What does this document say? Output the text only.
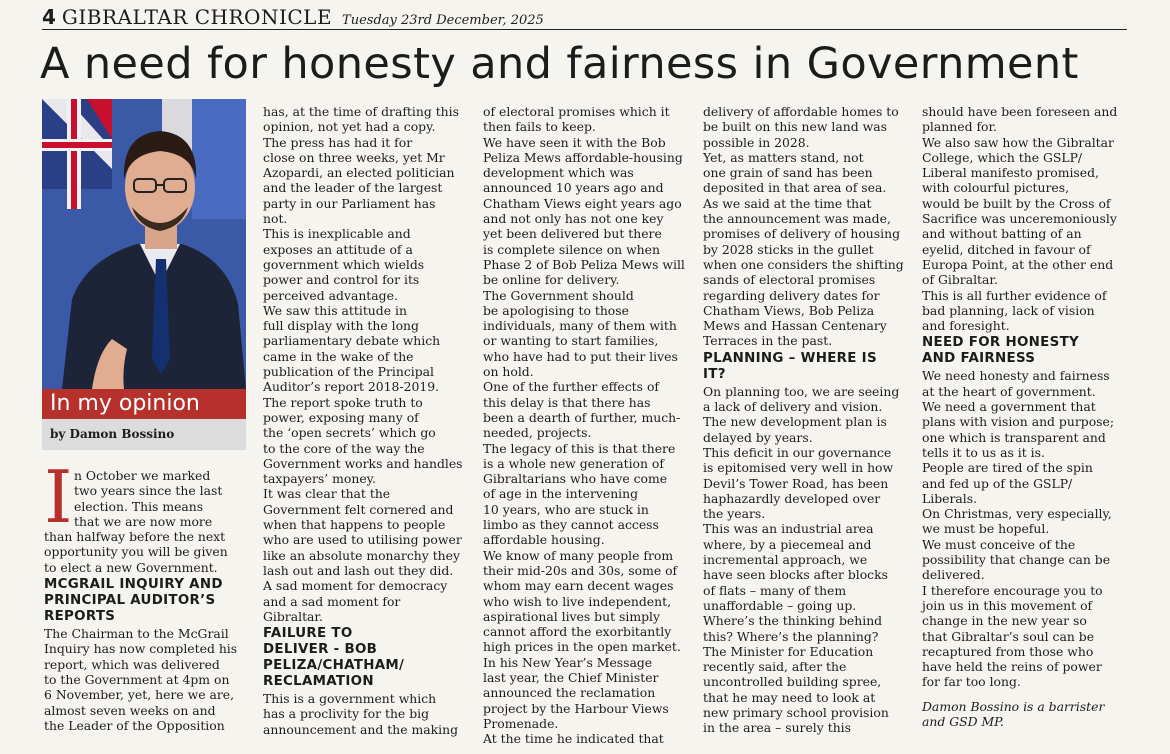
4 GIBRALTAR CHRONICLE Tuesday 23rd December, 2025
A need for honesty and fairness in Government
In my opinion
by Damon Bossino
I n October we marked
two years since the last
election. This means
that we are now more
than halfway before the next
opportunity you will be given
to elect a new Government.
MCGRAIL INQUIRY AND
PRINCIPAL AUDITOR’S
REPORTS
The Chairman to the McGrail
Inquiry has now completed his
report, which was delivered
to the Government at 4pm on
6 November, yet, here we are,
almost seven weeks on and
the Leader of the Opposition
has, at the time of drafting this
opinion, not yet had a copy.
The press has had it for
close on three weeks, yet Mr
Azopardi, an elected politician
and the leader of the largest
party in our Parliament has
not.
This is inexplicable and
exposes an attitude of a
government which wields
power and control for its
perceived advantage.
We saw this attitude in
full display with the long
parliamentary debate which
came in the wake of the
publication of the Principal
Auditor’s report 2018-2019.
The report spoke truth to
power, exposing many of
the ‘open secrets’ which go
to the core of the way the
Government works and handles
taxpayers’ money.
It was clear that the
Government felt cornered and
when that happens to people
who are used to utilising power
like an absolute monarchy they
lash out and lash out they did.
A sad moment for democracy
and a sad moment for
Gibraltar.
FAILURE TO
DELIVER - BOB
PELIZA/CHATHAM/
RECLAMATION
This is a government which
has a proclivity for the big
announcement and the making
of electoral promises which it
then fails to keep.
We have seen it with the Bob
Peliza Mews affordable-housing
development which was
announced 10 years ago and
Chatham Views eight years ago
and not only has not one key
yet been delivered but there
is complete silence on when
Phase 2 of Bob Peliza Mews will
be online for delivery.
The Government should
be apologising to those
individuals, many of them with
or wanting to start families,
who have had to put their lives
on hold.
One of the further effects of
this delay is that there has
been a dearth of further, much-
needed, projects.
The legacy of this is that there
is a whole new generation of
Gibraltarians who have come
of age in the intervening
10 years, who are stuck in
limbo as they cannot access
affordable housing.
We know of many people from
their mid-20s and 30s, some of
whom may earn decent wages
who wish to live independent,
aspirational lives but simply
cannot afford the exorbitantly
high prices in the open market.
In his New Year’s Message
last year, the Chief Minister
announced the reclamation
project by the Harbour Views
Promenade.
At the time he indicated that
delivery of affordable homes to
be built on this new land was
possible in 2028.
Yet, as matters stand, not
one grain of sand has been
deposited in that area of sea.
As we said at the time that
the announcement was made,
promises of delivery of housing
by 2028 sticks in the gullet
when one considers the shifting
sands of electoral promises
regarding delivery dates for
Chatham Views, Bob Peliza
Mews and Hassan Centenary
Terraces in the past.
PLANNING – WHERE IS
IT?
On planning too, we are seeing
a lack of delivery and vision.
The new development plan is
delayed by years.
This deficit in our governance
is epitomised very well in how
Devil’s Tower Road, has been
haphazardly developed over
the years.
This was an industrial area
where, by a piecemeal and
incremental approach, we
have seen blocks after blocks
of flats – many of them
unaffordable – going up.
Where’s the thinking behind
this? Where’s the planning?
The Minister for Education
recently said, after the
uncontrolled building spree,
that he may need to look at
new primary school provision
in the area – surely this
should have been foreseen and
planned for.
We also saw how the Gibraltar
College, which the GSLP/
Liberal manifesto promised,
with colourful pictures,
would be built by the Cross of
Sacrifice was unceremoniously
and without batting of an
eyelid, ditched in favour of
Europa Point, at the other end
of Gibraltar.
This is all further evidence of
bad planning, lack of vision
and foresight.
NEED FOR HONESTY
AND FAIRNESS
We need honesty and fairness
at the heart of government.
We need a government that
plans with vision and purpose;
one which is transparent and
tells it to us as it is.
People are tired of the spin
and fed up of the GSLP/
Liberals.
On Christmas, very especially,
we must be hopeful.
We must conceive of the
possibility that change can be
delivered.
I therefore encourage you to
join us in this movement of
change in the new year so
that Gibraltar’s soul can be
recaptured from those who
have held the reins of power
for far too long.
Damon Bossino is a barrister
and GSD MP.
